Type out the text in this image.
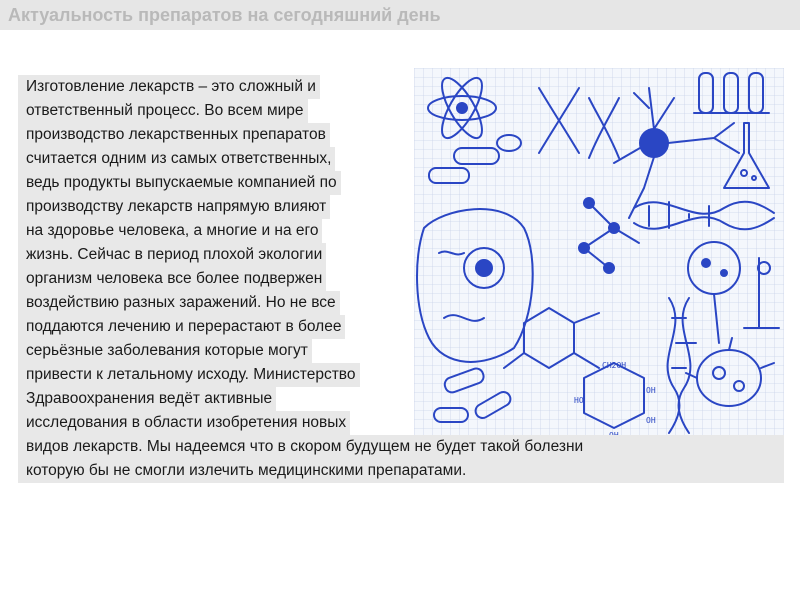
Актуальность препаратов на сегодняшний день
CH2OH
OH
HO
OH
Изготовление лекарств – это сложный и
ответственный процесс. Во всем мире
производство лекарственных препаратов
считается одним из самых ответственных,
ведь продукты выпускаемые компанией по
производству лекарств напрямую влияют
на здоровье человека, а многие и на его
жизнь. Сейчас в период плохой экологии
организм человека все более подвержен
воздействию разных заражений. Но не все
поддаются лечению и перерастают в более
серьёзные заболевания которые могут
привести к летальному исходу. Министерство
Здравоохранения ведёт активные
исследования в области изобретения новых
видов лекарств. Мы надеемся что в скором будущем не будет такой болезни
которую бы не смогли излечить медицинскими препаратами.
